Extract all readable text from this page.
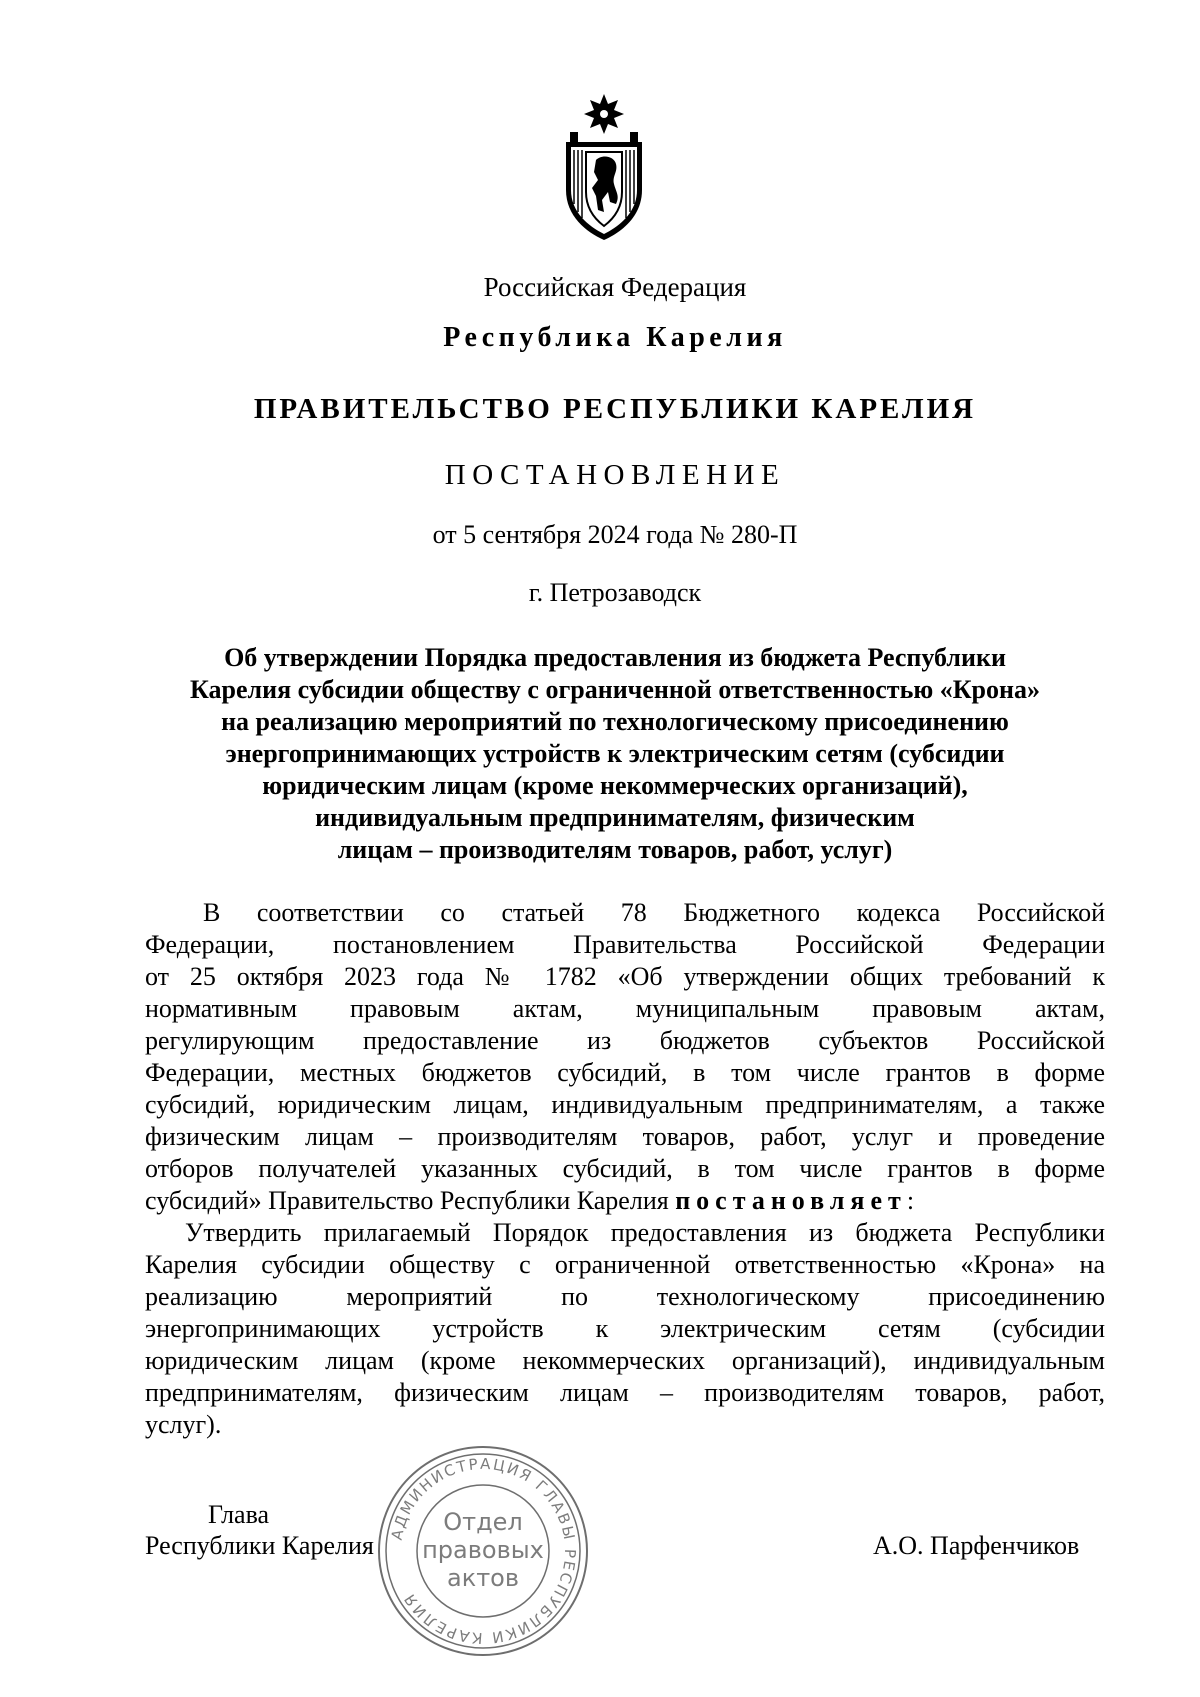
Российская Федерация
Республика Карелия
ПРАВИТЕЛЬСТВО РЕСПУБЛИКИ КАРЕЛИЯ
ПОСТАНОВЛЕНИЕ
от 5 сентября 2024 года № 280-П
г. Петрозаводск
Об утверждении Порядка предоставления из бюджета Республики
Карелия субсидии обществу с ограниченной ответственностью «Крона»
на реализацию мероприятий по технологическому присоединению
энергопринимающих устройств к электрическим сетям (субсидии
юридическим лицам (кроме некоммерческих организаций),
индивидуальным предпринимателям, физическим
лицам – производителям товаров, работ, услуг)
В соответствии со статьей 78 Бюджетного кодекса Российской
Федерации, постановлением Правительства Российской Федерации
от 25 октября 2023 года № 1782 «Об утверждении общих требований к
нормативным правовым актам, муниципальным правовым актам,
регулирующим предоставление из бюджетов субъектов Российской
Федерации, местных бюджетов субсидий, в том числе грантов в форме
субсидий, юридическим лицам, индивидуальным предпринимателям, а также
физическим лицам – производителям товаров, работ, услуг и проведение
отборов получателей указанных субсидий, в том числе грантов в форме
субсидий» Правительство Республики Карелия постановляет:
Утвердить прилагаемый Порядок предоставления из бюджета Республики
Карелия субсидии обществу с ограниченной ответственностью «Крона» на
реализацию мероприятий по технологическому присоединению
энергопринимающих устройств к электрическим сетям (субсидии
юридическим лицам (кроме некоммерческих организаций), индивидуальным
предпринимателям, физическим лицам – производителям товаров, работ,
услуг).
Глава
Республики Карелия	А.О. Парфенчиков
АДМИНИСТРАЦИЯ ГЛАВЫ РЕСПУБЛИКИ КАРЕЛИЯ
Отдел
правовых
актов
